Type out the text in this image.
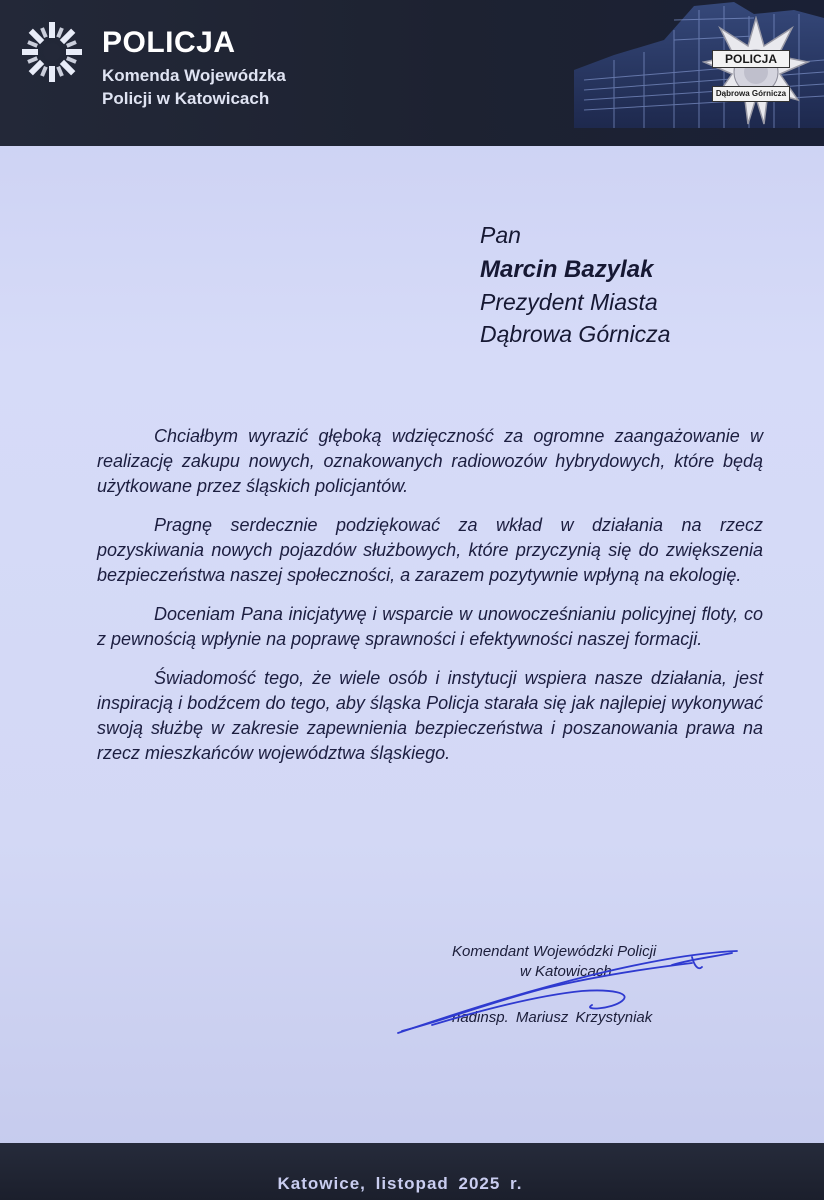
POLICJA
Komenda Wojewódzka
Policji w Katowicach
POLICJA
Dąbrowa Górnicza
Pan
Marcin Bazylak
Prezydent Miasta
Dąbrowa Górnicza

Chciałbym wyrazić głęboką wdzięczność za ogromne zaangażowanie w realizację zakupu nowych, oznakowanych radiowozów hybrydowych, które będą użytkowane przez śląskich policjantów.

Pragnę serdecznie podziękować za wkład w działania na rzecz pozyskiwania nowych pojazdów służbowych, które przyczynią się do zwiększenia bezpieczeństwa naszej społeczności, a zarazem pozytywnie wpłyną na ekologię.

Doceniam Pana inicjatywę i wsparcie w unowocześnianiu policyjnej floty, co z pewnością wpłynie na poprawę sprawności i efektywności naszej formacji.

Świadomość tego, że wiele osób i instytucji wspiera nasze działania, jest inspiracją i bodźcem do tego, aby śląska Policja starała się jak najlepiej wykonywać swoją służbę w zakresie zapewnienia bezpieczeństwa i poszanowania prawa na rzecz mieszkańców województwa śląskiego.

Komendant Wojewódzki Policji
w Katowicach
nadinsp. Mariusz Krzystyniak
Katowice, listopad 2025 r.
